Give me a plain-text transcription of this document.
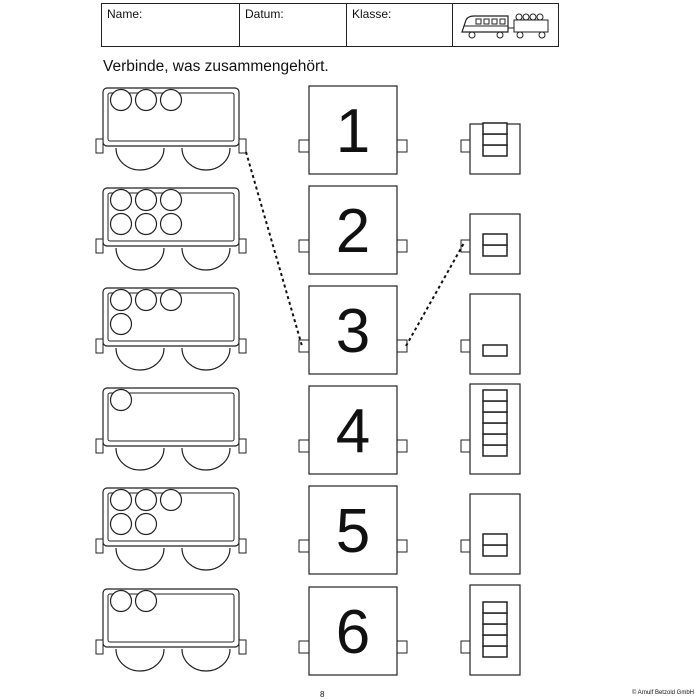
Name:	Datum:	Klasse:
Verbinde, was zusammengehört.
1
2
3
4
5
6
8	© Arnulf Betzold GmbH
